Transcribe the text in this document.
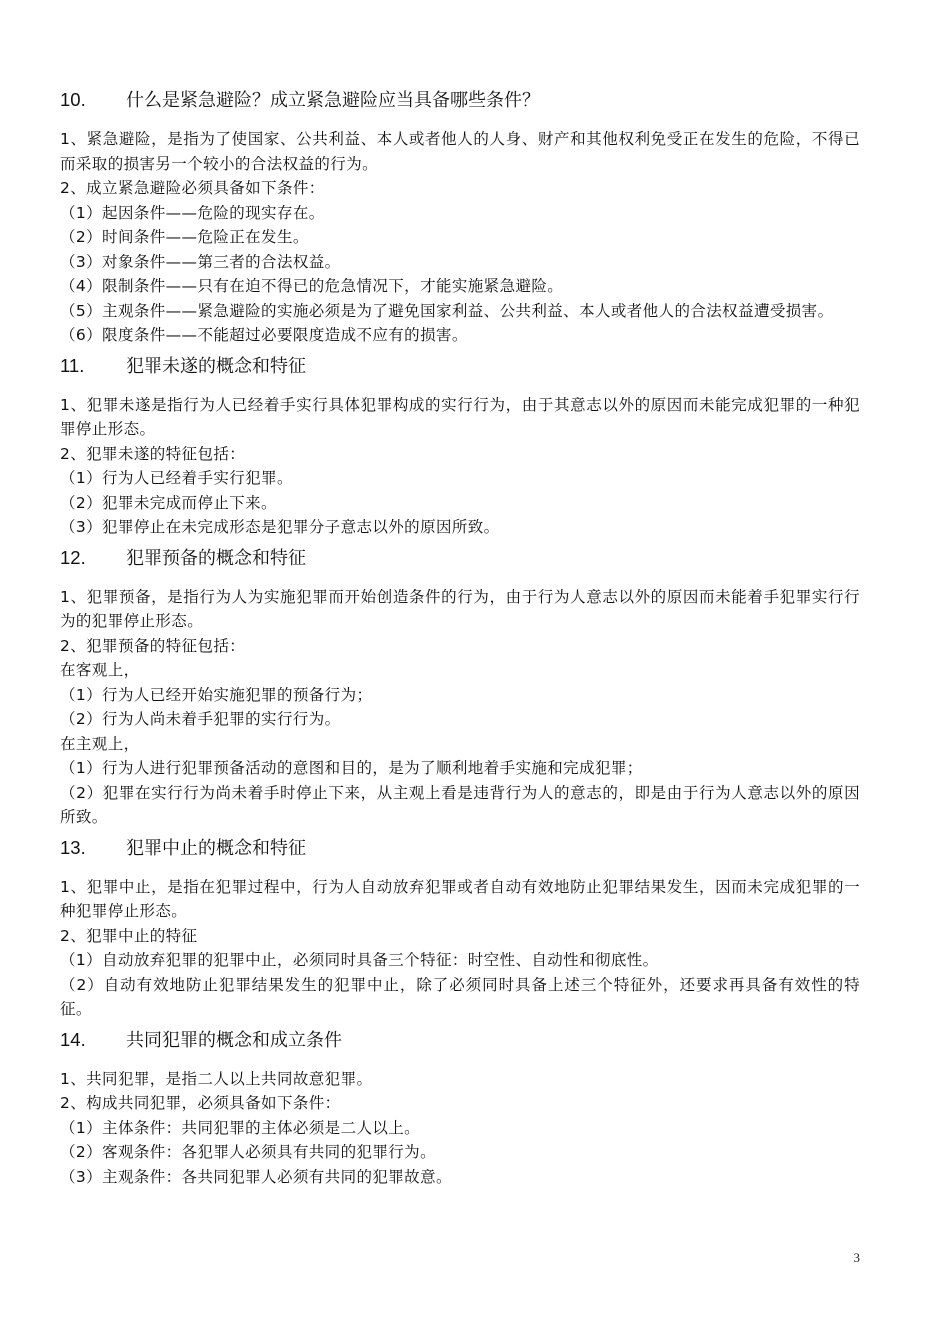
10.	什么是紧急避险？成立紧急避险应当具备哪些条件？

1、紧急避险，是指为了使国家、公共利益、本人或者他人的人身、财产和其他权利免受正在发生的危险，不得已而采取的损害另一个较小的合法权益的行为。

2、成立紧急避险必须具备如下条件：

（1）起因条件——危险的现实存在。

（2）时间条件——危险正在发生。

（3）对象条件——第三者的合法权益。

（4）限制条件——只有在迫不得已的危急情况下，才能实施紧急避险。

（5）主观条件——紧急避险的实施必须是为了避免国家利益、公共利益、本人或者他人的合法权益遭受损害。

（6）限度条件——不能超过必要限度造成不应有的损害。

11.	犯罪未遂的概念和特征

1、犯罪未遂是指行为人已经着手实行具体犯罪构成的实行行为，由于其意志以外的原因而未能完成犯罪的一种犯罪停止形态。

2、犯罪未遂的特征包括：

（1）行为人已经着手实行犯罪。

（2）犯罪未完成而停止下来。

（3）犯罪停止在未完成形态是犯罪分子意志以外的原因所致。

12.	犯罪预备的概念和特征

1、犯罪预备，是指行为人为实施犯罪而开始创造条件的行为，由于行为人意志以外的原因而未能着手犯罪实行行为的犯罪停止形态。

2、犯罪预备的特征包括：

在客观上，

（1）行为人已经开始实施犯罪的预备行为；

（2）行为人尚未着手犯罪的实行行为。

在主观上，

（1）行为人进行犯罪预备活动的意图和目的，是为了顺利地着手实施和完成犯罪；

（2）犯罪在实行行为尚未着手时停止下来，从主观上看是违背行为人的意志的，即是由于行为人意志以外的原因所致。

13.	犯罪中止的概念和特征

1、犯罪中止，是指在犯罪过程中，行为人自动放弃犯罪或者自动有效地防止犯罪结果发生，因而未完成犯罪的一种犯罪停止形态。

2、犯罪中止的特征

（1）自动放弃犯罪的犯罪中止，必须同时具备三个特征：时空性、自动性和彻底性。

（2）自动有效地防止犯罪结果发生的犯罪中止，除了必须同时具备上述三个特征外，还要求再具备有效性的特征。

14.	共同犯罪的概念和成立条件

1、共同犯罪，是指二人以上共同故意犯罪。

2、构成共同犯罪，必须具备如下条件：

（1）主体条件：共同犯罪的主体必须是二人以上。

（2）客观条件：各犯罪人必须具有共同的犯罪行为。

（3）主观条件：各共同犯罪人必须有共同的犯罪故意。

3
